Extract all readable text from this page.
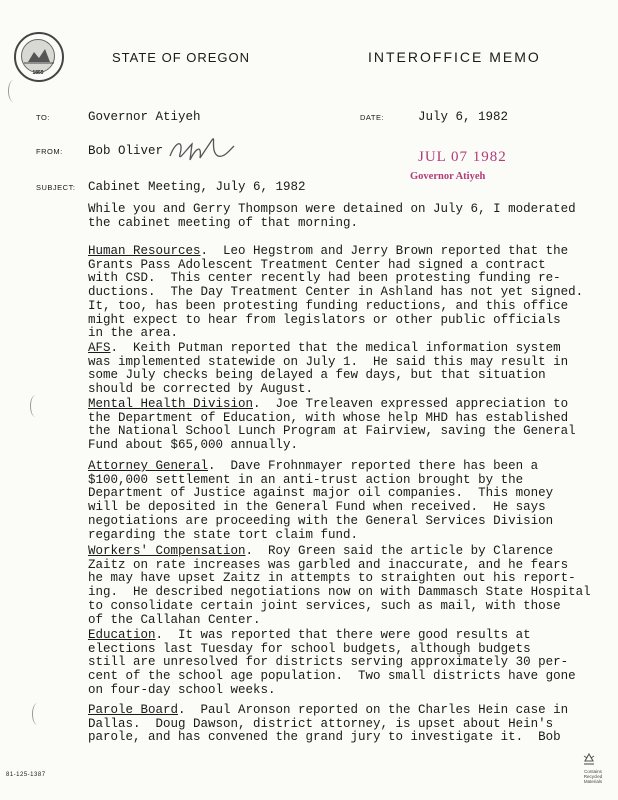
1859
STATE OF OREGON	INTEROFFICE MEMO
TO:	Governor Atiyeh	DATE:	July 6, 1982
FROM: Bob Oliver	JUL 07 1982
Governor Atiyeh
SUBJECT: Cabinet Meeting, July 6, 1982

While you and Gerry Thompson were detained on July 6, I moderated

the cabinet meeting of that morning.

Human Resources.  Leo Hegstrom and Jerry Brown reported that the

Grants Pass Adolescent Treatment Center had signed a contract

with CSD.  This center recently had been protesting funding re-

ductions.  The Day Treatment Center in Ashland has not yet signed.

It, too, has been protesting funding reductions, and this office

might expect to hear from legislators or other public officials

in the area.

AFS.  Keith Putman reported that the medical information system

was implemented statewide on July 1.  He said this may result in

some July checks being delayed a few days, but that situation

should be corrected by August.

Mental Health Division.  Joe Treleaven expressed appreciation to

the Department of Education, with whose help MHD has established

the National School Lunch Program at Fairview, saving the General

Fund about $65,000 annually.

Attorney General.  Dave Frohnmayer reported there has been a

$100,000 settlement in an anti-trust action brought by the

Department of Justice against major oil companies.  This money

will be deposited in the General Fund when received.  He says

negotiations are proceeding with the General Services Division

regarding the state tort claim fund.

Workers' Compensation.  Roy Green said the article by Clarence

Zaitz on rate increases was garbled and inaccurate, and he fears

he may have upset Zaitz in attempts to straighten out his report-

ing.  He described negotiations now on with Dammasch State Hospital

to consolidate certain joint services, such as mail, with those

of the Callahan Center.

Education.  It was reported that there were good results at

elections last Tuesday for school budgets, although budgets

still are unresolved for districts serving approximately 30 per-

cent of the school age population.  Two small districts have gone

on four-day school weeks.

Parole Board.  Paul Aronson reported on the Charles Hein case in

Dallas.  Doug Dawson, district attorney, is upset about Hein's

parole, and has convened the grand jury to investigate it.  Bob

81-125-1387
Contains Recycled Materials
